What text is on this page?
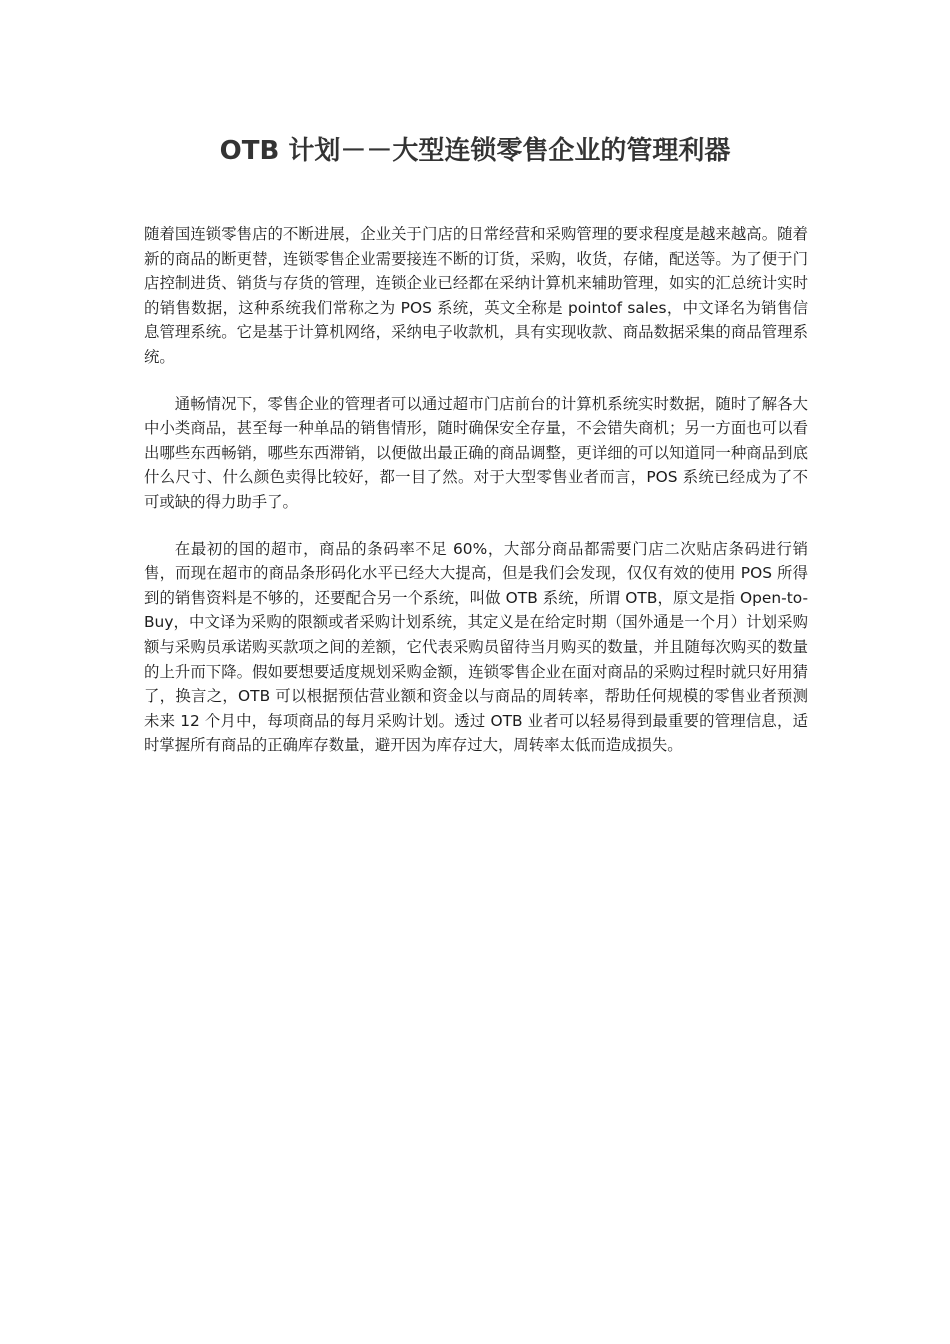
OTB 计划－－大型连锁零售企业的管理利器

随着国连锁零售店的不断进展，企业关于门店的日常经营和采购管理的要求程度是越来越高。随着新的商品的断更替，连锁零售企业需要接连不断的订货，采购，收货，存储，配送等。为了便于门店控制进货、销货与存货的管理，连锁企业已经都在采纳计算机来辅助管理，如实的汇总统计实时的销售数据，这种系统我们常称之为 POS 系统，英文全称是 pointof sales，中文译名为销售信息管理系统。它是基于计算机网络，采纳电子收款机，具有实现收款、商品数据采集的商品管理系统。

通畅情况下，零售企业的管理者可以通过超市门店前台的计算机系统实时数据，随时了解各大中小类商品，甚至每一种单品的销售情形，随时确保安全存量，不会错失商机；另一方面也可以看出哪些东西畅销，哪些东西滞销，以便做出最正确的商品调整，更详细的可以知道同一种商品到底什么尺寸、什么颜色卖得比较好，都一目了然。对于大型零售业者而言，POS 系统已经成为了不可或缺的得力助手了。

在最初的国的超市，商品的条码率不足 60%，大部分商品都需要门店二次贴店条码进行销售，而现在超市的商品条形码化水平已经大大提高，但是我们会发现，仅仅有效的使用 POS 所得到的销售资料是不够的，还要配合另一个系统，叫做 OTB 系统，所谓 OTB，原文是指 Open-to-Buy，中文译为采购的限额或者采购计划系统，其定义是在给定时期（国外通是一个月）计划采购额与采购员承诺购买款项之间的差额，它代表采购员留待当月购买的数量，并且随每次购买的数量的上升而下降。假如要想要适度规划采购金额，连锁零售企业在面对商品的采购过程时就只好用猜了，换言之，OTB 可以根据预估营业额和资金以与商品的周转率，帮助任何规模的零售业者预测未来 12 个月中，每项商品的每月采购计划。透过 OTB 业者可以轻易得到最重要的管理信息，适时掌握所有商品的正确库存数量，避开因为库存过大，周转率太低而造成损失。
